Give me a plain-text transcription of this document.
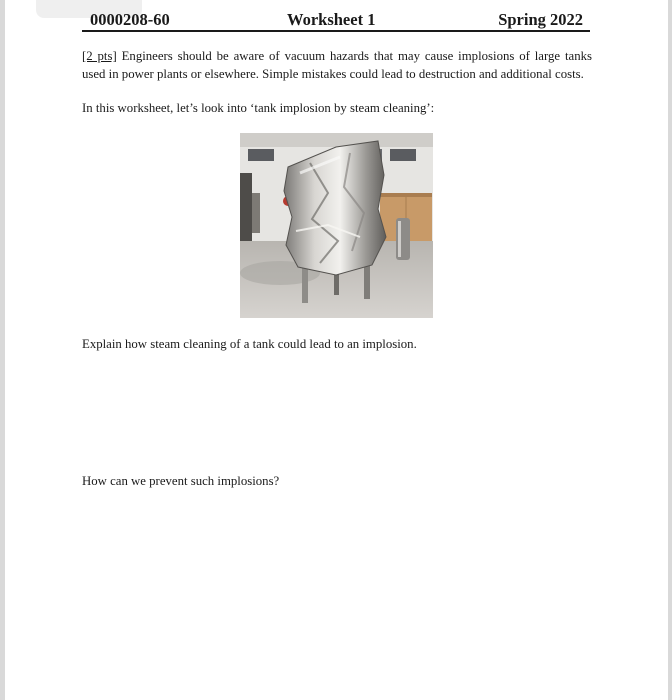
0000208-60	Worksheet 1	Spring 2022
[2 pts] Engineers should be aware of vacuum hazards that may cause implosions of large tanks used in power plants or elsewhere. Simple mistakes could lead to destruction and additional costs.
In this worksheet, let’s look into ‘tank implosion by steam cleaning’:
Explain how steam cleaning of a tank could lead to an implosion.
How can we prevent such implosions?
